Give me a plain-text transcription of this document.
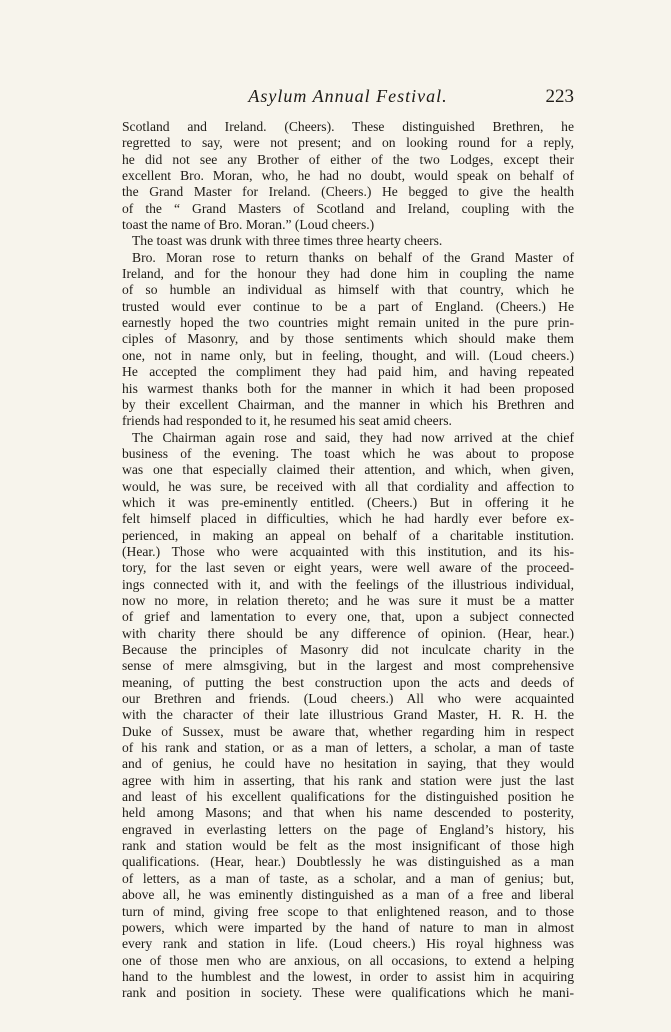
Asylum Annual Festival.	223
Scotland and Ireland. (Cheers). These distinguished Brethren, he
regretted to say, were not present; and on looking round for a reply,
he did not see any Brother of either of the two Lodges, except their
excellent Bro. Moran, who, he had no doubt, would speak on behalf of
the Grand Master for Ireland. (Cheers.) He begged to give the health
of the “ Grand Masters of Scotland and Ireland, coupling with the
toast the name of Bro. Moran.” (Loud cheers.)
The toast was drunk with three times three hearty cheers.
Bro. Moran rose to return thanks on behalf of the Grand Master of
Ireland, and for the honour they had done him in coupling the name
of so humble an individual as himself with that country, which he
trusted would ever continue to be a part of England. (Cheers.) He
earnestly hoped the two countries might remain united in the pure prin-
ciples of Masonry, and by those sentiments which should make them
one, not in name only, but in feeling, thought, and will. (Loud cheers.)
He accepted the compliment they had paid him, and having repeated
his warmest thanks both for the manner in which it had been proposed
by their excellent Chairman, and the manner in which his Brethren and
friends had responded to it, he resumed his seat amid cheers.
The Chairman again rose and said, they had now arrived at the chief
business of the evening. The toast which he was about to propose
was one that especially claimed their attention, and which, when given,
would, he was sure, be received with all that cordiality and affection to
which it was pre-eminently entitled. (Cheers.) But in offering it he
felt himself placed in difficulties, which he had hardly ever before ex-
perienced, in making an appeal on behalf of a charitable institution.
(Hear.) Those who were acquainted with this institution, and its his-
tory, for the last seven or eight years, were well aware of the proceed-
ings connected with it, and with the feelings of the illustrious individual,
now no more, in relation thereto; and he was sure it must be a matter
of grief and lamentation to every one, that, upon a subject connected
with charity there should be any difference of opinion. (Hear, hear.)
Because the principles of Masonry did not inculcate charity in the
sense of mere almsgiving, but in the largest and most comprehensive
meaning, of putting the best construction upon the acts and deeds of
our Brethren and friends. (Loud cheers.) All who were acquainted
with the character of their late illustrious Grand Master, H. R. H. the
Duke of Sussex, must be aware that, whether regarding him in respect
of his rank and station, or as a man of letters, a scholar, a man of taste
and of genius, he could have no hesitation in saying, that they would
agree with him in asserting, that his rank and station were just the last
and least of his excellent qualifications for the distinguished position he
held among Masons; and that when his name descended to posterity,
engraved in everlasting letters on the page of England’s history, his
rank and station would be felt as the most insignificant of those high
qualifications. (Hear, hear.) Doubtlessly he was distinguished as a man
of letters, as a man of taste, as a scholar, and a man of genius; but,
above all, he was eminently distinguished as a man of a free and liberal
turn of mind, giving free scope to that enlightened reason, and to those
powers, which were imparted by the hand of nature to man in almost
every rank and station in life. (Loud cheers.) His royal highness was
one of those men who are anxious, on all occasions, to extend a helping
hand to the humblest and the lowest, in order to assist him in acquiring
rank and position in society. These were qualifications which he mani-
